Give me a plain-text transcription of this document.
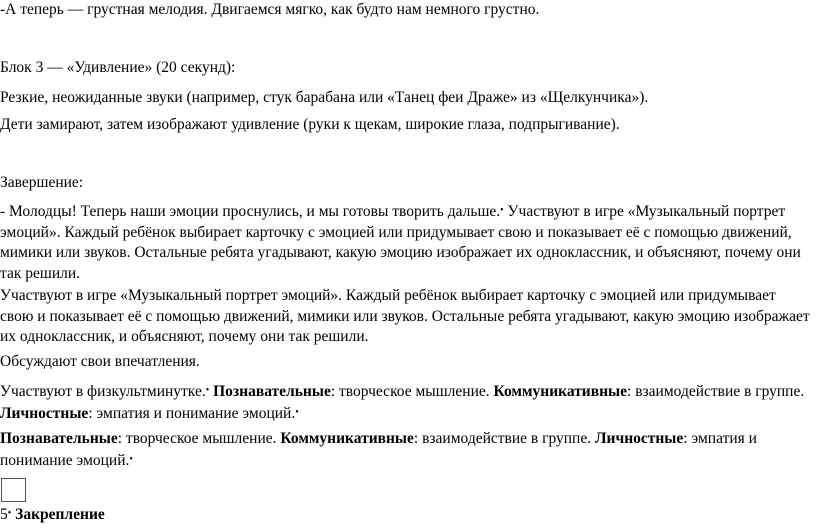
-А теперь — грустная мелодия. Двигаемся мягко, как будто нам немного грустно.
Блок 3 — «Удивление» (20 секунд):
Резкие, неожиданные звуки (например, стук барабана или «Танец феи Драже» из «Щелкунчика»).
Дети замирают, затем изображают удивление (руки к щекам, широкие глаза, подпрыгивание).
Завершение:
- Молодцы! Теперь наши эмоции проснулись, и мы готовы творить дальше.• Участвуют в игре «Музыкальный портрет эмоций». Каждый ребёнок выбирает карточку с эмоцией или придумывает свою и показывает её с помощью движений, мимики или звуков. Остальные ребята угадывают, какую эмоцию изображает их одноклассник, и объясняют, почему они так решили.
Участвуют в игре «Музыкальный портрет эмоций». Каждый ребёнок выбирает карточку с эмоцией или придумывает свою и показывает её с помощью движений, мимики или звуков. Остальные ребята угадывают, какую эмоцию изображает их одноклассник, и объясняют, почему они так решили.
Обсуждают свои впечатления.
Участвуют в физкультминутке.• Познавательные: творческое мышление. Коммуникативные: взаимодействие в группе. Личностные: эмпатия и понимание эмоций.•
Познавательные: творческое мышление. Коммуникативные: взаимодействие в группе. Личностные: эмпатия и понимание эмоций.•
5• Закрепление
